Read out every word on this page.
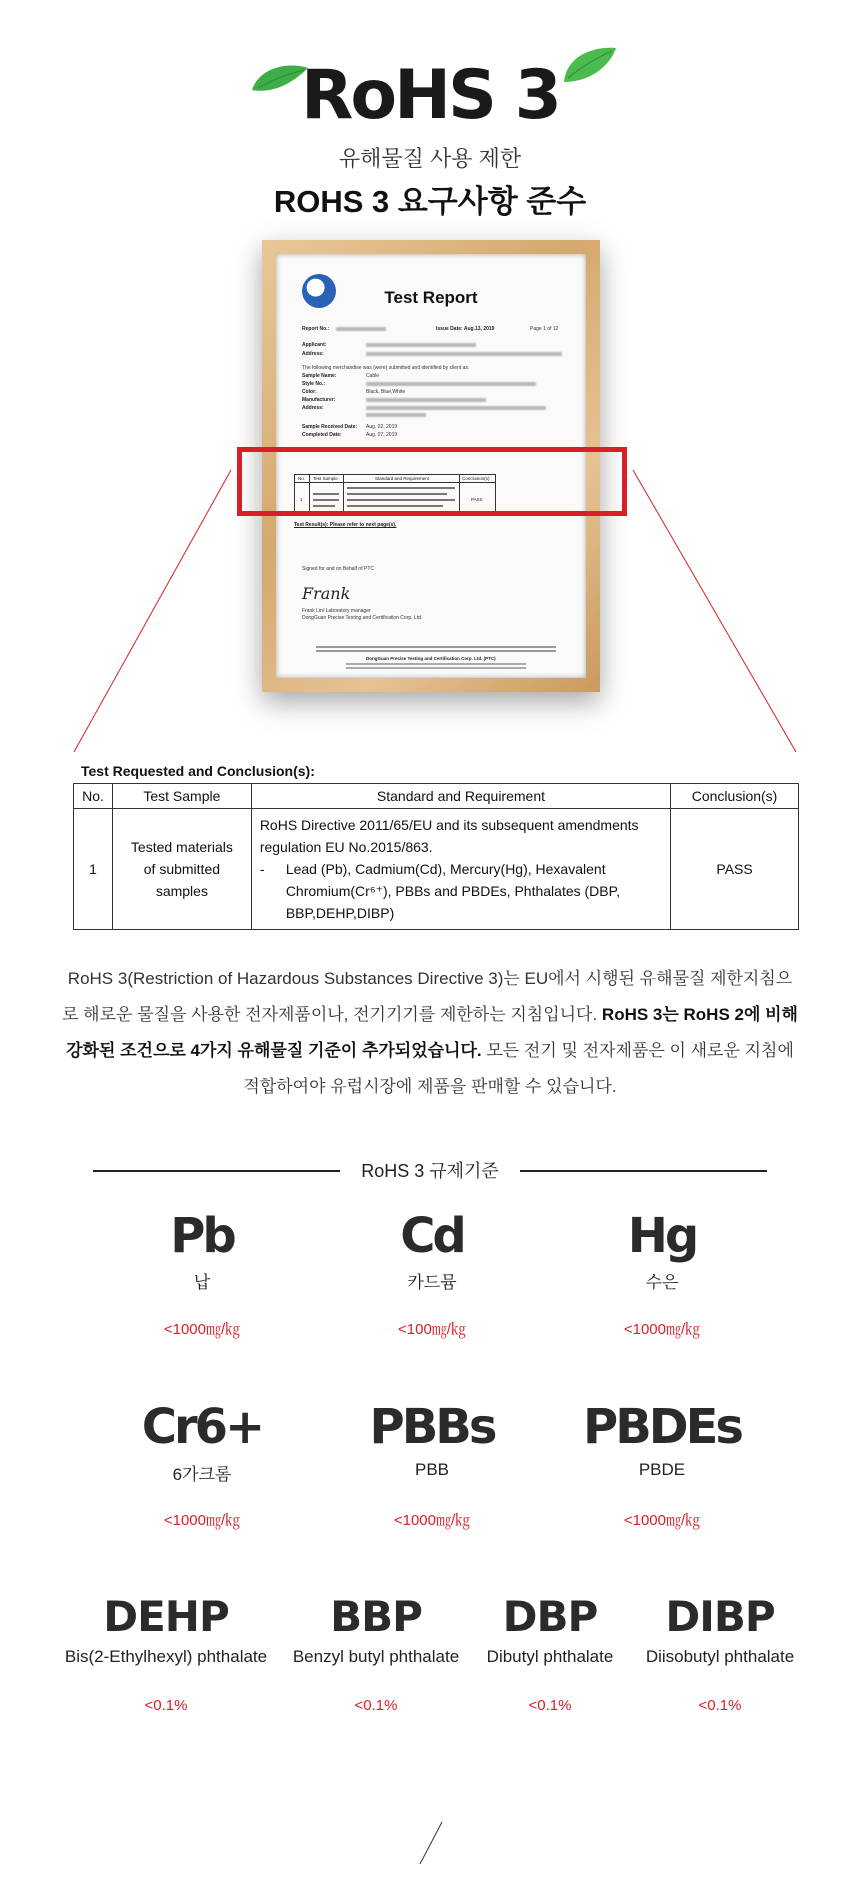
RoHS 3
유해물질 사용 제한
ROHS 3 요구사항 준수
Test Report
Report No.:	Issue Date: Aug.13, 2019	Page 1 of 12
Applicant:
Address:
The following merchandise was (were) submitted and identified by client as:
Sample Name:	Cable
Style No.:
Color:	Black, Blue,White
Manufacturer:
Address:
Sample Received Date: Aug. 02, 2019
Completed Date:	Aug. 07, 2019
No. Test Sample	Standard and Requirement	Conclusion(s)
1	PASS
Test Result(s): Please refer to next page(s).
Signed for and on Behalf of PTC
Frank
Frank Lin/ Laboratory manager
DongGuan Precise Testing and Certification Corp. Ltd.
DongGuan Precise Testing and Certification Corp. Ltd. (PTC)
Test Requested and Conclusion(s):
No.	Test Sample	Standard and Requirement	Conclusion(s)
1	Tested materials of submitted samples	RoHS Directive 2011/65/EU and its subsequent amendments regulation EU No.2015/863.
- Lead (Pb), Cadmium(Cd), Mercury(Hg), Hexavalent Chromium(Cr⁶⁺), PBBs and PBDEs, Phthalates (DBP, BBP,DEHP,DIBP)	PASS
RoHS 3(Restriction of Hazardous Substances Directive 3)는 EU에서 시행된 유해물질 제한지침으로 해로운 물질을 사용한 전자제품이나, 전기기기를 제한하는 지침입니다. RoHS 3는 RoHS 2에 비해 강화된 조건으로 4가지 유해물질 기준이 추가되었습니다. 모든 전기 및 전자제품은 이 새로운 지침에 적합하여야 유럽시장에 제품을 판매할 수 있습니다.
RoHS 3 규제기준
Pb
납
<1000㎎/㎏
Cd
카드뮴
<100㎎/㎏
Hg
수은
<1000㎎/㎏
Cr6+
6가크롬
<1000㎎/㎏
PBBs
PBB
<1000㎎/㎏
PBDEs
PBDE
<1000㎎/㎏
DEHP
Bis(2-Ethylhexyl) phthalate
<0.1%
BBP
Benzyl butyl phthalate
<0.1%
DBP
Dibutyl phthalate
<0.1%
DIBP
Diisobutyl phthalate
<0.1%
